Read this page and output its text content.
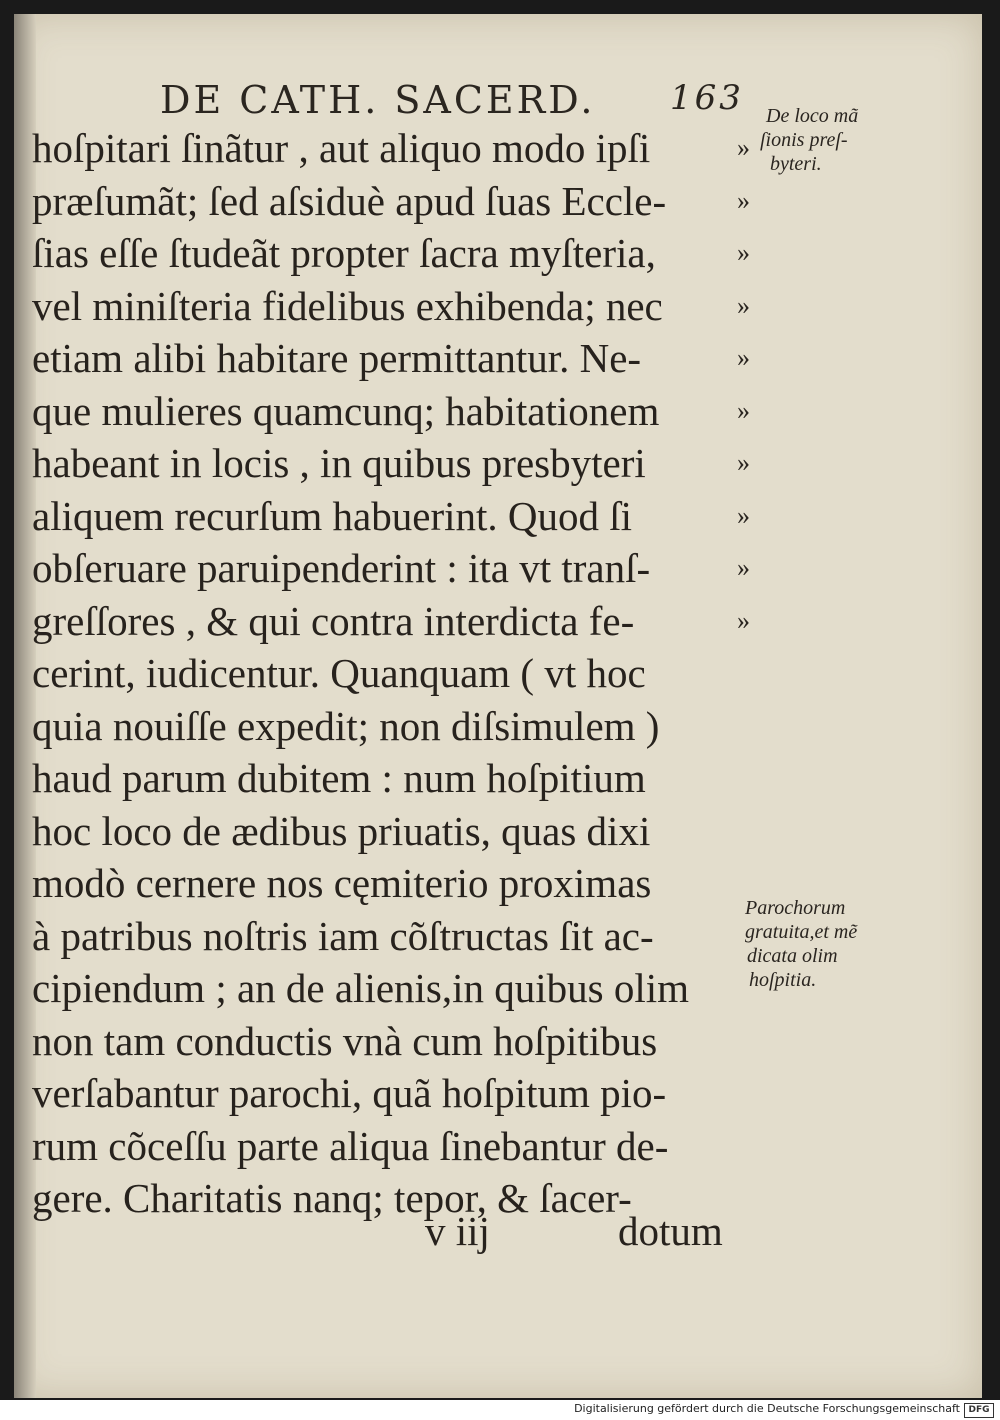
DE CATH. SACERD. 163
hoſpitari ſinãtur , aut aliquo modo ipſi	»
præſumãt; ſed aſsiduè apud ſuas Eccle-	»
ſias eſſe ſtudeãt propter ſacra myſteria,	»
vel miniſteria fidelibus exhibenda; nec	»
etiam alibi habitare permittantur. Ne-	»
que mulieres quamcunq; habitationem	»
habeant in locis , in quibus presbyteri	»
aliquem recurſum habuerint. Quod ſi	»
obſeruare paruipenderint : ita vt tranſ-	»
greſſores , & qui contra interdicta fe-	»
cerint, iudicentur. Quanquam ( vt hoc
quia nouiſſe expedit; non diſsimulem )
haud parum dubitem : num hoſpitium
hoc loco de ædibus priuatis, quas dixi
modò cernere nos cęmiterio proximas
à patribus noſtris iam cõſtructas ſit ac-
cipiendum ; an de alienis,in quibus olim
non tam conductis vnà cum hoſpitibus
verſabantur parochi, quã hoſpitum pio-
rum cõceſſu parte aliqua ſinebantur de-
gere. Charitatis nanq; tepor, & ſacer-
v iij	dotum
De loco mã
ſionis preſ-
byteri.
Parochorum
gratuita,et mẽ
dicata olim
hoſpitia.
Digitalisierung gefördert durch die Deutsche Forschungsgemeinschaft DFG
